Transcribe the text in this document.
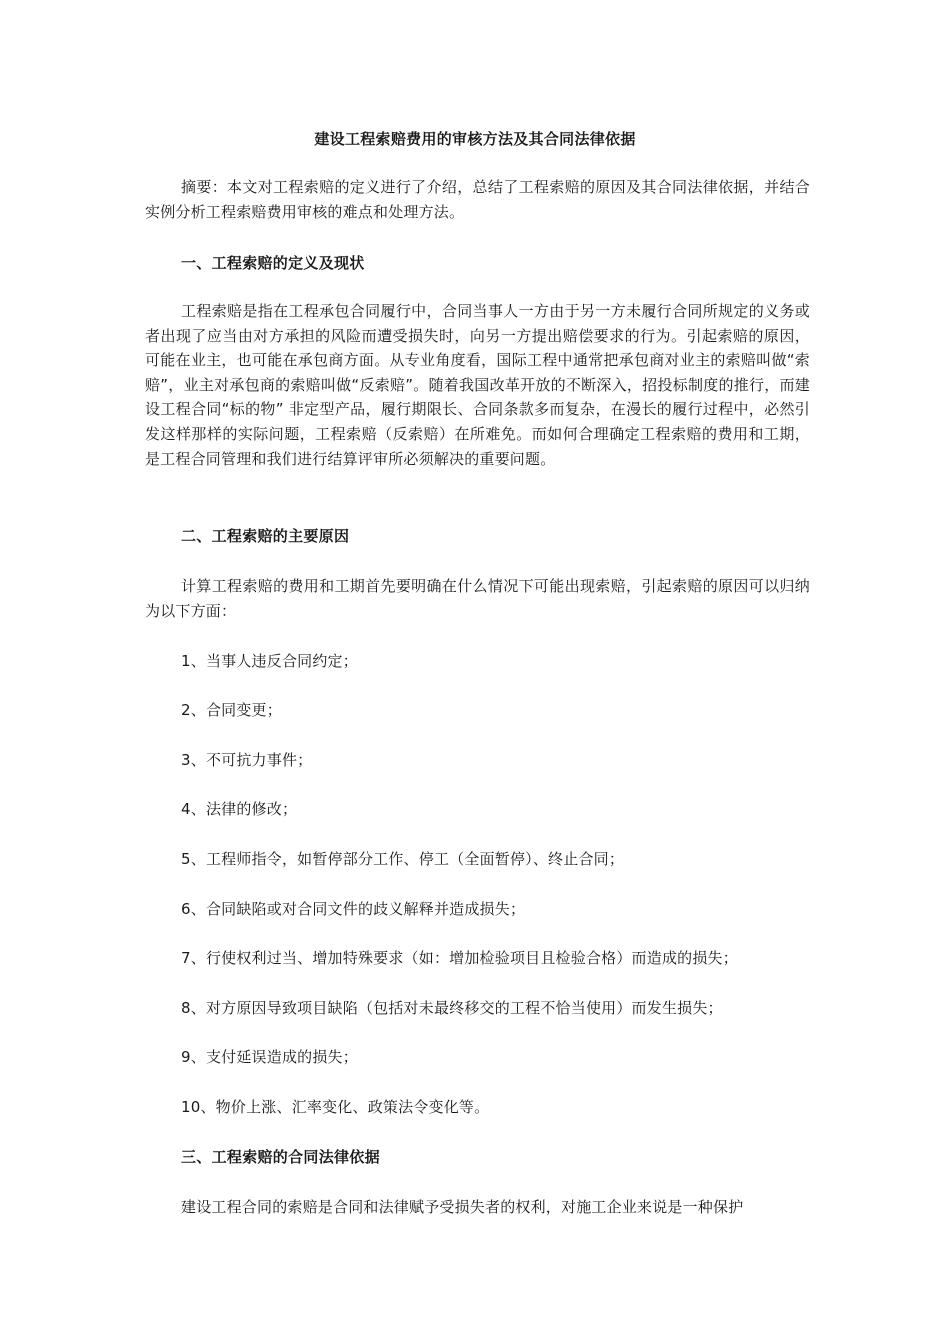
建设工程索赔费用的审核方法及其合同法律依据
摘要：本文对工程索赔的定义进行了介绍，总结了工程索赔的原因及其合同法律依据，并结合实例分析工程索赔费用审核的难点和处理方法。
一、工程索赔的定义及现状
工程索赔是指在工程承包合同履行中，合同当事人一方由于另一方未履行合同所规定的义务或者出现了应当由对方承担的风险而遭受损失时，向另一方提出赔偿要求的行为。引起索赔的原因，可能在业主，也可能在承包商方面。从专业角度看，国际工程中通常把承包商对业主的索赔叫做“索赔”，业主对承包商的索赔叫做“反索赔”。随着我国改革开放的不断深入，招投标制度的推行，而建设工程合同“标的物” 非定型产品，履行期限长、合同条款多而复杂，在漫长的履行过程中，必然引发这样那样的实际问题，工程索赔（反索赔）在所难免。而如何合理确定工程索赔的费用和工期，是工程合同管理和我们进行结算评审所必须解决的重要问题。
二、工程索赔的主要原因
计算工程索赔的费用和工期首先要明确在什么情况下可能出现索赔，引起索赔的原因可以归纳为以下方面：
1、当事人违反合同约定；
2、合同变更；
3、不可抗力事件；
4、法律的修改；
5、工程师指令，如暂停部分工作、停工（全面暂停）、终止合同；
6、合同缺陷或对合同文件的歧义解释并造成损失；
7、行使权利过当、增加特殊要求（如：增加检验项目且检验合格）而造成的损失；
8、对方原因导致项目缺陷（包括对未最终移交的工程不恰当使用）而发生损失；
9、支付延误造成的损失；
10、物价上涨、汇率变化、政策法令变化等。
三、工程索赔的合同法律依据
建设工程合同的索赔是合同和法律赋予受损失者的权利，对施工企业来说是一种保护
